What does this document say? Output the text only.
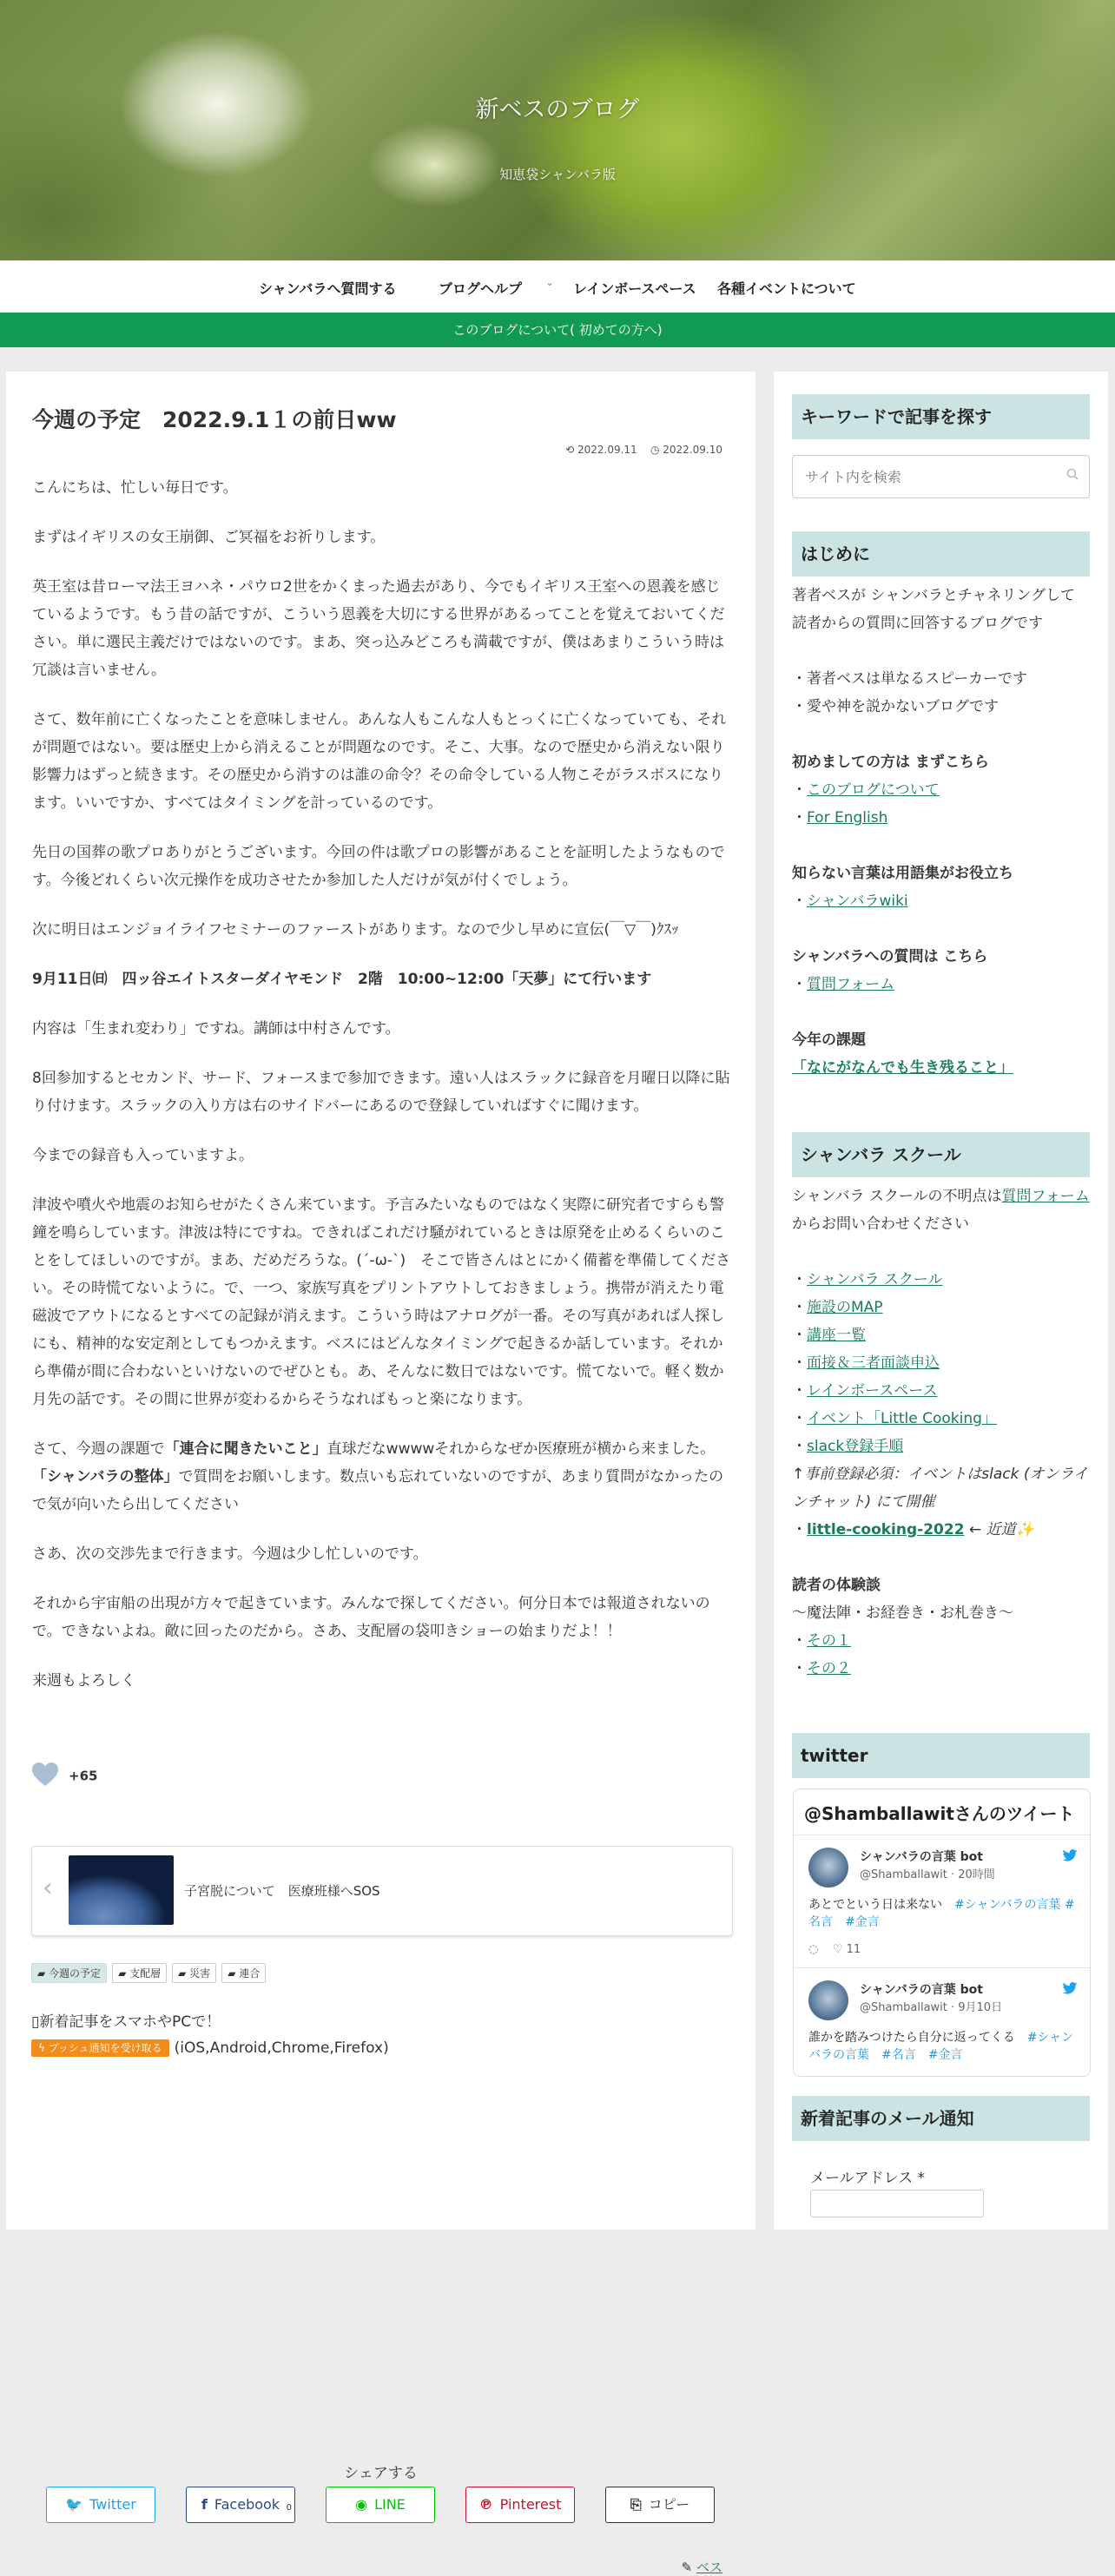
新ベスのブログ
知恵袋シャンバラ版
シャンバラへ質問する	ブログヘルプ ⌄ レインボースペース 各種イベントについて
このブログについて( 初めての方へ)
今週の予定　2022.9.1１の前日ww
⟲ 2022.09.11 ◷ 2022.09.10

こんにちは、忙しい毎日です。

まずはイギリスの女王崩御、ご冥福をお祈りします。

英王室は昔ローマ法王ヨハネ・パウロ2世をかくまった過去があり、今でもイギリス王室への恩義を感じているようです。もう昔の話ですが、こういう恩義を大切にする世界があるってことを覚えておいてください。単に選民主義だけではないのです。まあ、突っ込みどころも満載ですが、僕はあまりこういう時は冗談は言いません。

さて、数年前に亡くなったことを意味しません。あんな人もこんな人もとっくに亡くなっていても、それが問題ではない。要は歴史上から消えることが問題なのです。そこ、大事。なので歴史から消えない限り影響力はずっと続きます。その歴史から消すのは誰の命令？その命令している人物こそがラスボスになります。いいですか、すべてはタイミングを計っているのです。

先日の国葬の歌プロありがとうございます。今回の件は歌プロの影響があることを証明したようなものです。今後どれくらい次元操作を成功させたか参加した人だけが気が付くでしょう。

次に明日はエンジョイライフセミナーのファーストがあります。なので少し早めに宣伝(￣▽￣)ｸｽｯ

9月11日㈰　四ッ谷エイトスターダイヤモンド　2階　10:00~12:00「天夢」にて行います

内容は「生まれ変わり」ですね。講師は中村さんです。

8回参加するとセカンド、サード、フォースまで参加できます。遠い人はスラックに録音を月曜日以降に貼り付けます。スラックの入り方は右のサイドバーにあるので登録していればすぐに聞けます。

今までの録音も入っていますよ。

津波や噴火や地震のお知らせがたくさん来ています。予言みたいなものではなく実際に研究者ですらも警鐘を鳴らしています。津波は特にですね。できればこれだけ騒がれているときは原発を止めるくらいのことをしてほしいのですが。まあ、だめだろうな。(´-ω-`)　そこで皆さんはとにかく備蓄を準備してください。その時慌てないように。で、一つ、家族写真をプリントアウトしておきましょう。携帯が消えたり電磁波でアウトになるとすべての記録が消えます。こういう時はアナログが一番。その写真があれば人探しにも、精神的な安定剤としてもつかえます。ベスにはどんなタイミングで起きるか話しています。それから準備が間に合わないといけないのでぜひとも。あ、そんなに数日ではないです。慌てないで。軽く数か月先の話です。その間に世界が変わるからそうなればもっと楽になります。

さて、今週の課題で「連合に聞きたいこと」直球だなwwwwそれからなぜか医療班が横から来ました。「シャンバラの整体」で質問をお願いします。数点いも忘れていないのですが、あまり質問がなかったので気が向いたら出してください

さあ、次の交渉先まで行きます。今週は少し忙しいのです。

それから宇宙船の出現が方々で起きています。みんなで探してください。何分日本では報道されないので。できないよね。敵に回ったのだから。さあ、支配層の袋叩きショーの始まりだよ！！

来週もよろしく

+65
‹	子宮脱について　医療班様へSOS
▰ 今週の予定 ▰ 支配層 ▰ 災害 ▰ 連合
▯新着記事をスマホやPCで！
ϟ プッシュ通知を受け取る (iOS,Android,Chrome,Firefox)
シェアする
🐦 Twitter	f Facebook 0	◉ LINE	℗ Pinterest	⎘ コピー
✎ ベス
キーワードで記事を探す
サイト内を検索
はじめに
著者ベスが シャンバラとチャネリングして 読者からの質問に回答するブログです
・著者ベスは単なるスピーカーです
・愛や神を説かないブログです
初めましての方は まずこちら
・このブログについて
・For English
知らない言葉は用語集がお役立ち
・シャンバラwiki
シャンバラへの質問は こちら
・質問フォーム
今年の課題
「なにがなんでも生き残ること」
シャンバラ スクール
シャンバラ スクールの不明点は質問フォームからお問い合わせください
・シャンバラ スクール
・施設のMAP
・講座一覧
・面接＆三者面談申込
・レインボースペース
・イベント「Little Cooking」
・slack登録手順
↑事前登録必須：イベントはslack (オンラインチャット) にて開催
・little-cooking-2022 ← 近道✨
読者の体験談
〜魔法陣・お経巻き・お札巻き〜
・その１
・その２
twitter
@Shamballawitさんのツイート
シャンバラの言葉 bot
@Shamballawit · 20時間
あとでという日は来ない　#シャンバラの言葉 #名言　#金言
◌ ♡ 11
シャンバラの言葉 bot
@Shamballawit · 9月10日
誰かを踏みつけたら自分に返ってくる　#シャンバラの言葉　#名言　#金言
新着記事のメール通知
メールアドレス *
